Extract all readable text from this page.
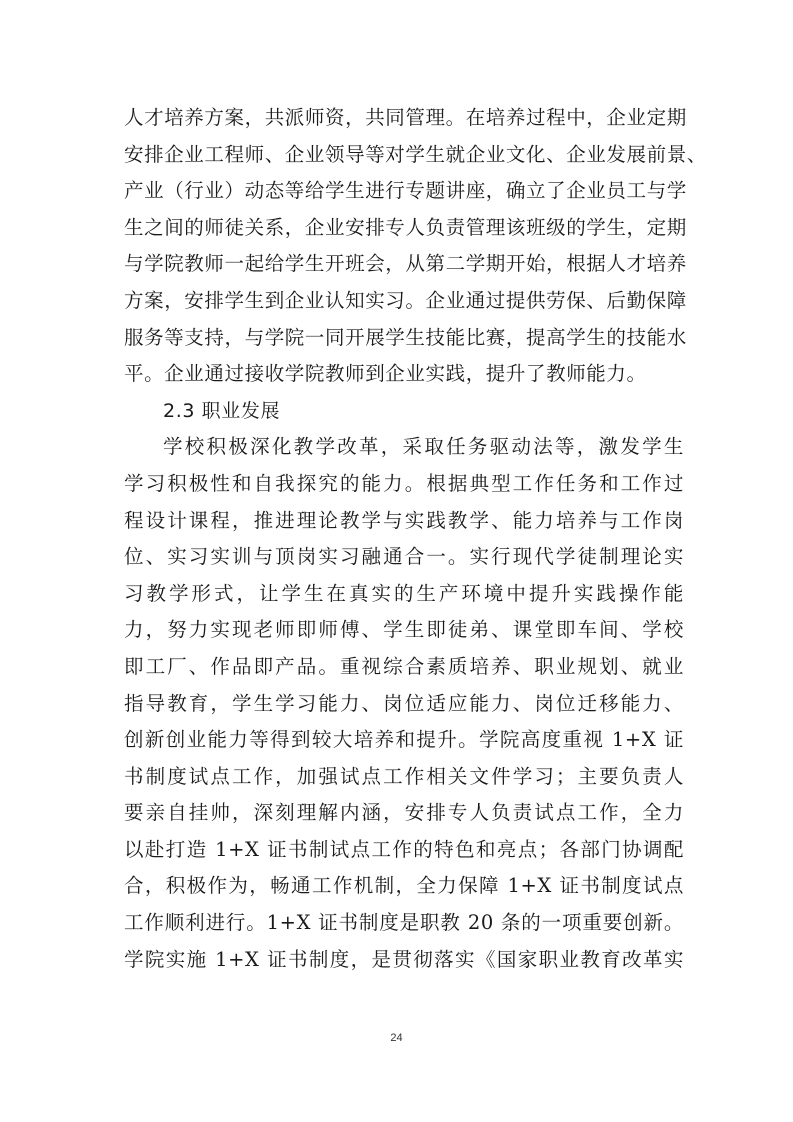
人才培养方案，共派师资，共同管理。在培养过程中，企业定期
安排企业工程师、企业领导等对学生就企业文化、企业发展前景、
产业（行业）动态等给学生进行专题讲座，确立了企业员工与学
生之间的师徒关系，企业安排专人负责管理该班级的学生，定期
与学院教师一起给学生开班会，从第二学期开始，根据人才培养
方案，安排学生到企业认知实习。企业通过提供劳保、后勤保障
服务等支持，与学院一同开展学生技能比赛，提高学生的技能水
平。企业通过接收学院教师到企业实践，提升了教师能力。
2.3 职业发展
学校积极深化教学改革，采取任务驱动法等，激发学生
学习积极性和自我探究的能力。根据典型工作任务和工作过
程设计课程，推进理论教学与实践教学、能力培养与工作岗
位、实习实训与顶岗实习融通合一。实行现代学徒制理论实
习教学形式，让学生在真实的生产环境中提升实践操作能
力，努力实现老师即师傅、学生即徒弟、课堂即车间、学校
即工厂、作品即产品。重视综合素质培养、职业规划、就业
指导教育，学生学习能力、岗位适应能力、岗位迁移能力、
创新创业能力等得到较大培养和提升。学院高度重视 1+X 证
书制度试点工作，加强试点工作相关文件学习；主要负责人
要亲自挂帅，深刻理解内涵，安排专人负责试点工作，全力
以赴打造 1+X 证书制试点工作的特色和亮点；各部门协调配
合，积极作为，畅通工作机制，全力保障 1+X 证书制度试点
工作顺利进行。1+X 证书制度是职教 20 条的一项重要创新。
学院实施 1+X 证书制度，是贯彻落实《国家职业教育改革实
24
